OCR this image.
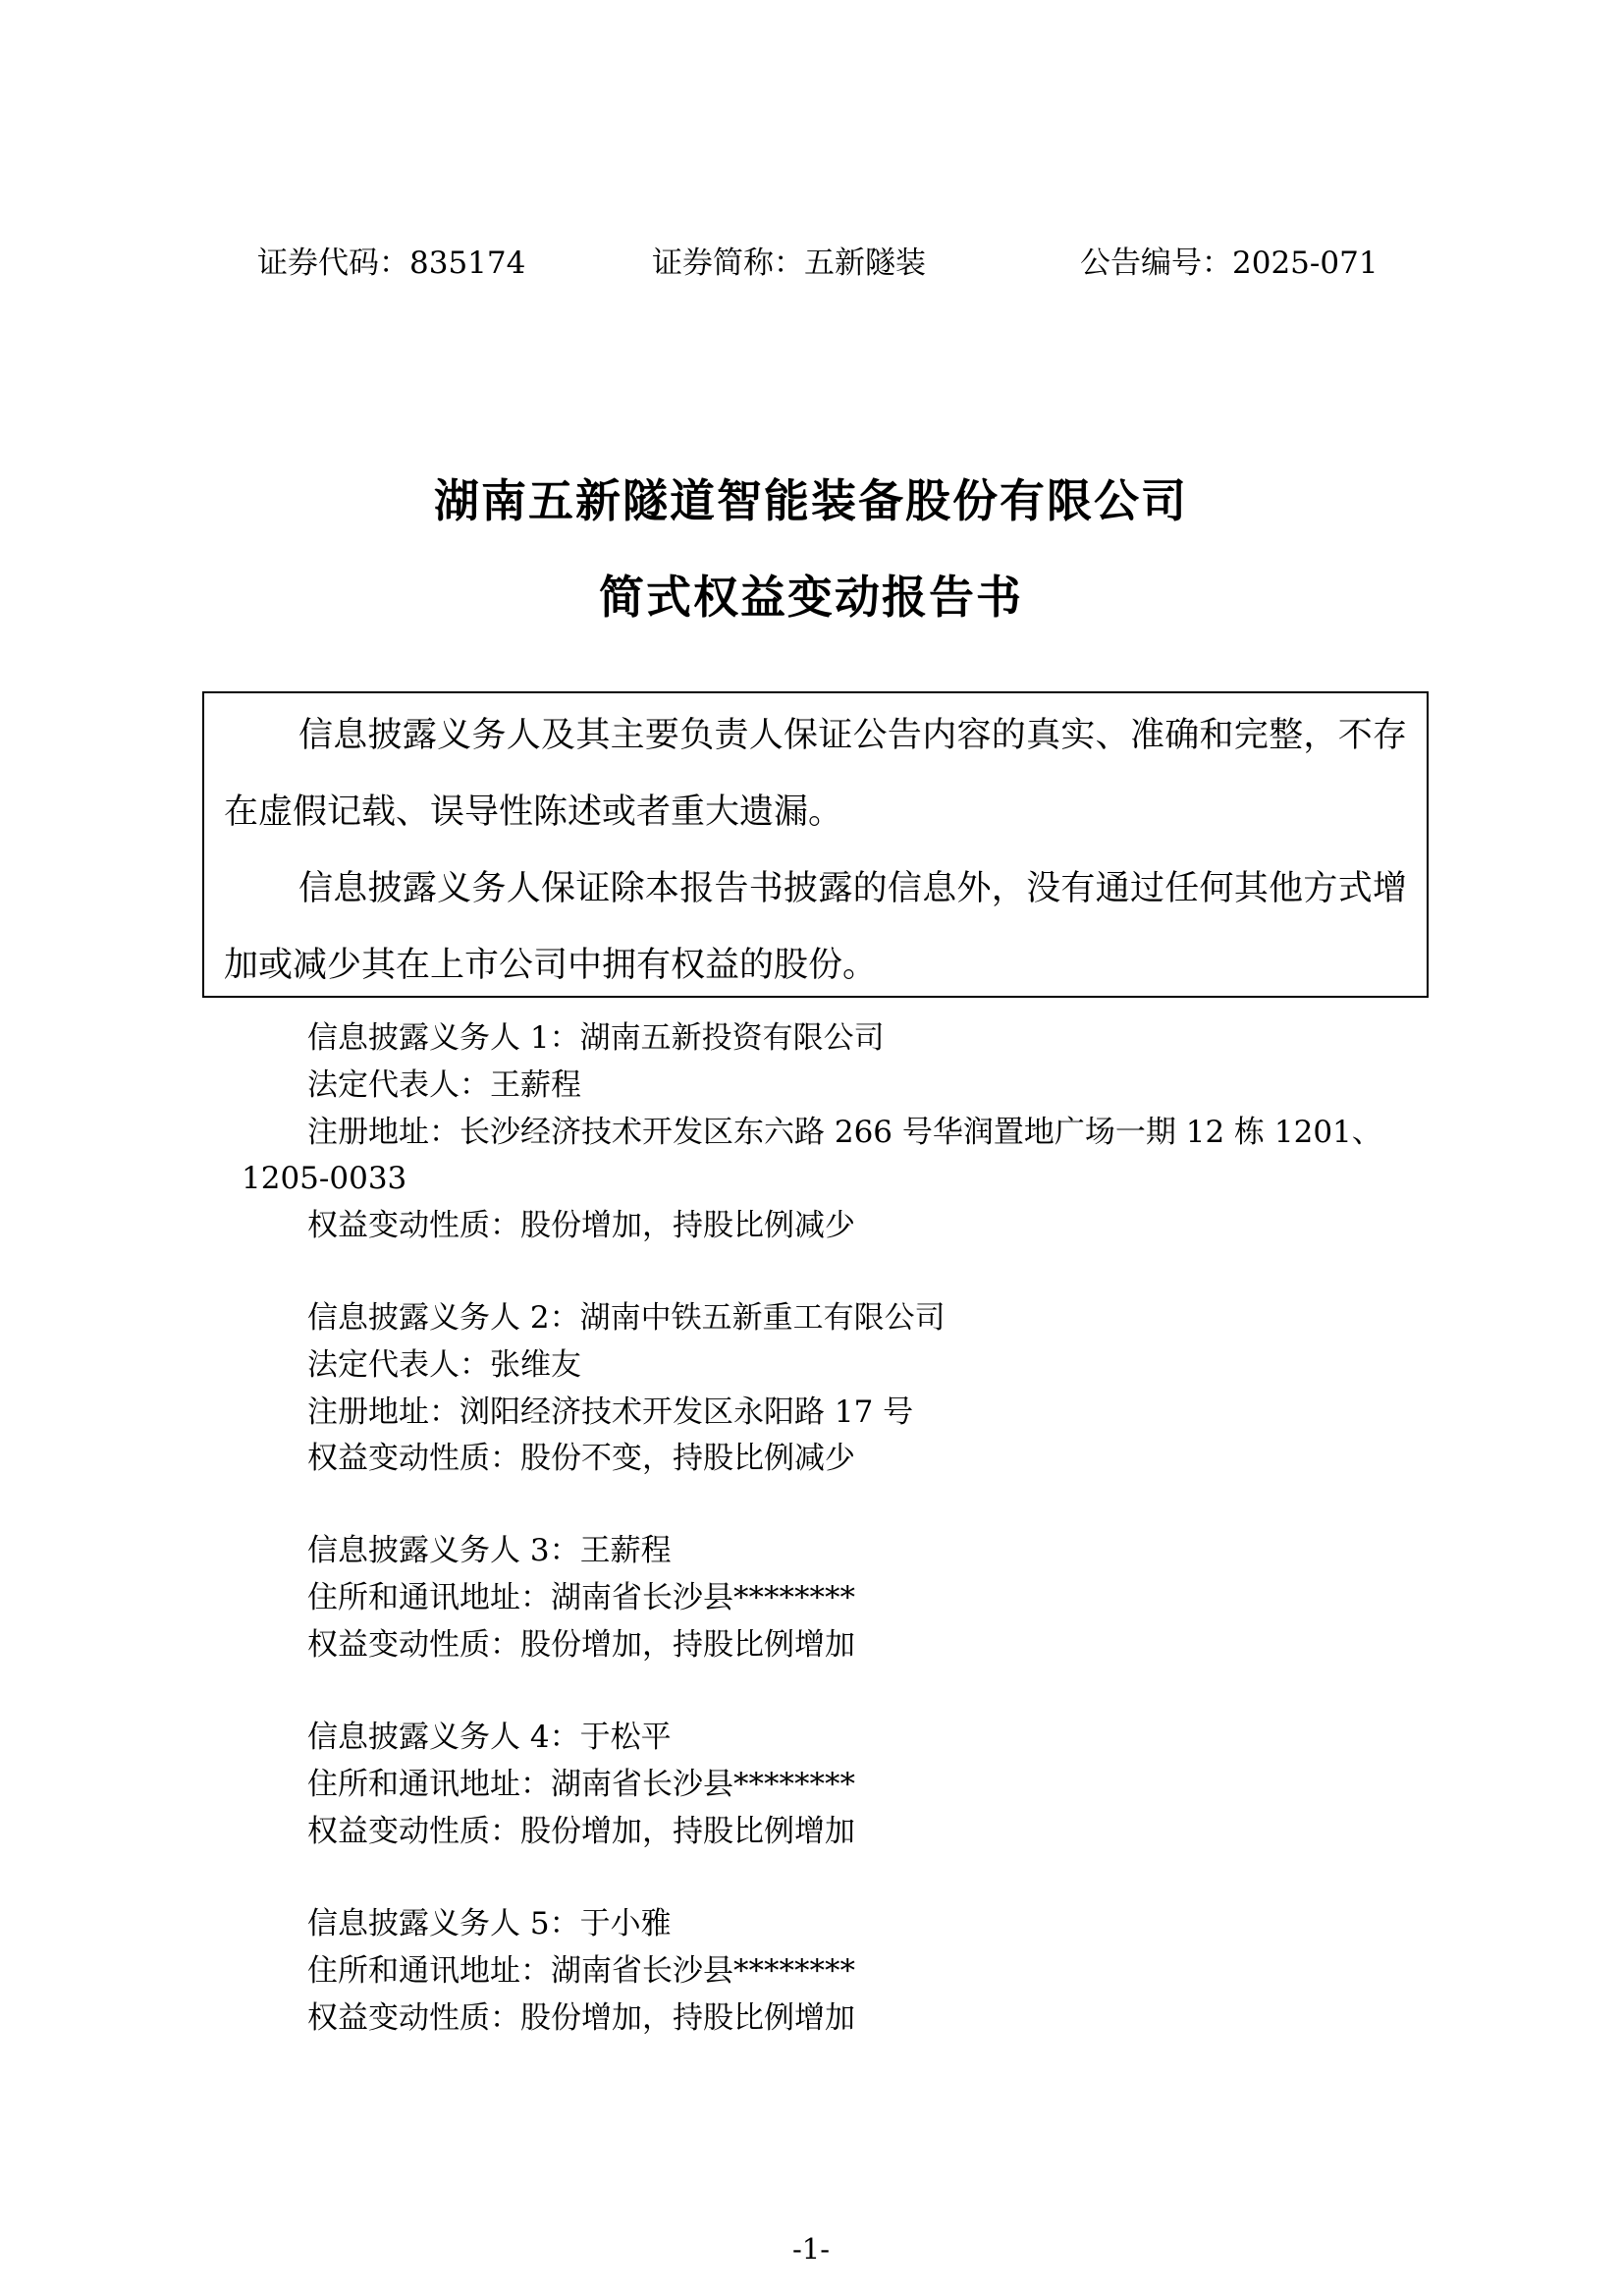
证券代码：835174	证券简称：五新隧装	公告编号：2025-071
湖南五新隧道智能装备股份有限公司
简式权益变动报告书

信息披露义务人及其主要负责人保证公告内容的真实、准确和完整，不存在虚假记载、误导性陈述或者重大遗漏。

信息披露义务人保证除本报告书披露的信息外，没有通过任何其他方式增加或减少其在上市公司中拥有权益的股份。

信息披露义务人 1：湖南五新投资有限公司
法定代表人：王薪程
注册地址：长沙经济技术开发区东六路 266 号华润置地广场一期 12 栋 1201、
1205-0033
权益变动性质：股份增加，持股比例减少
信息披露义务人 2：湖南中铁五新重工有限公司
法定代表人：张维友
注册地址：浏阳经济技术开发区永阳路 17 号
权益变动性质：股份不变，持股比例减少
信息披露义务人 3：王薪程
住所和通讯地址：湖南省长沙县********
权益变动性质：股份增加，持股比例增加
信息披露义务人 4：于松平
住所和通讯地址：湖南省长沙县********
权益变动性质：股份增加，持股比例增加
信息披露义务人 5：于小雅
住所和通讯地址：湖南省长沙县********
权益变动性质：股份增加，持股比例增加
-1-
